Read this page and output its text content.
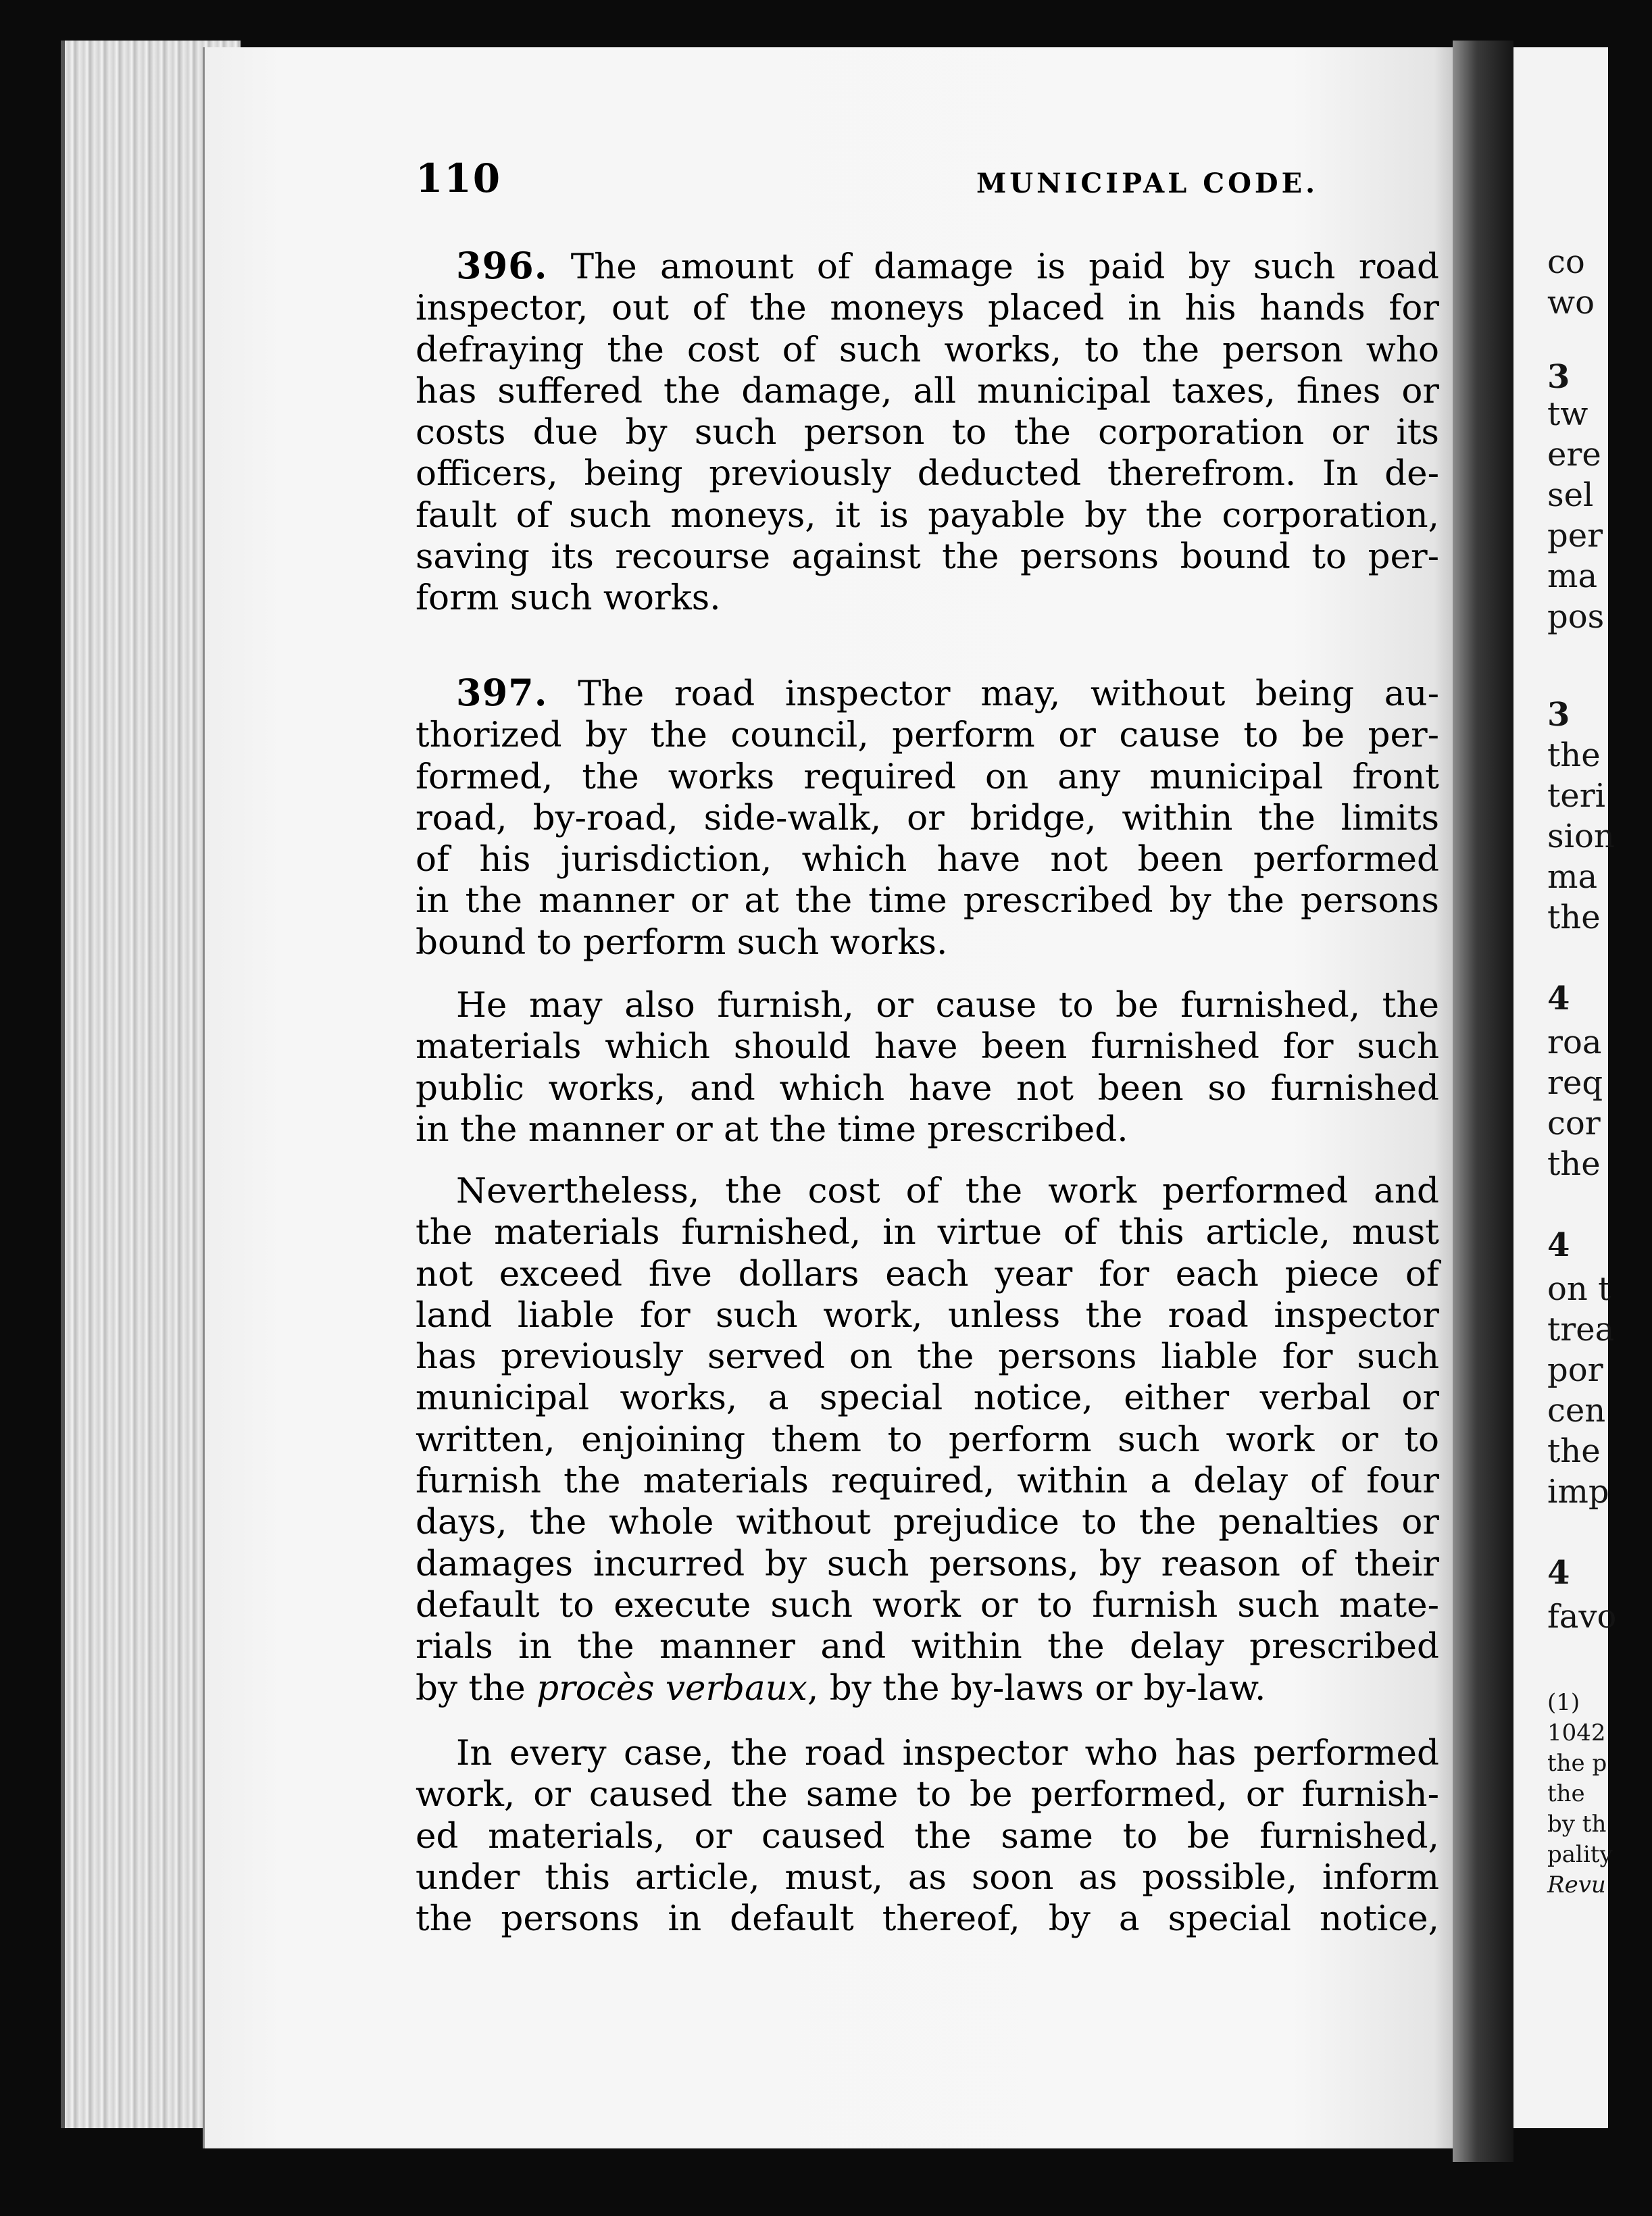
co
wo
3
tw
ere
sel
per
ma
pos
3
the
teri
sion
ma
the
4
roa
req
cor
the
4
on t
trea
por
cen
the
imp
4
favo
(1)
1042
the p
the
by th
pality
Revu
110	MUNICIPAL CODE.
396. The amount of damage is paid by such road
inspector, out of the moneys placed in his hands for
defraying the cost of such works, to the person who
has suffered the damage, all municipal taxes, fines or
costs due by such person to the corporation or its
officers, being previously deducted therefrom. In de-
fault of such moneys, it is payable by the corporation,
saving its recourse against the persons bound to per-
form such works.
397. The road inspector may, without being au-
thorized by the council, perform or cause to be per-
formed, the works required on any municipal front
road, by-road, side-walk, or bridge, within the limits
of his jurisdiction, which have not been performed
in the manner or at the time prescribed by the persons
bound to perform such works.
He may also furnish, or cause to be furnished, the
materials which should have been furnished for such
public works, and which have not been so furnished
in the manner or at the time prescribed.
Nevertheless, the cost of the work performed and
the materials furnished, in virtue of this article, must
not exceed five dollars each year for each piece of
land liable for such work, unless the road inspector
has previously served on the persons liable for such
municipal works, a special notice, either verbal or
written, enjoining them to perform such work or to
furnish the materials required, within a delay of four
days, the whole without prejudice to the penalties or
damages incurred by such persons, by reason of their
default to execute such work or to furnish such mate-
rials in the manner and within the delay prescribed
by the procès verbaux, by the by-laws or by-law.
In every case, the road inspector who has performed
work, or caused the same to be performed, or furnish-
ed materials, or caused the same to be furnished,
under this article, must, as soon as possible, inform
the persons in default thereof, by a special notice,
